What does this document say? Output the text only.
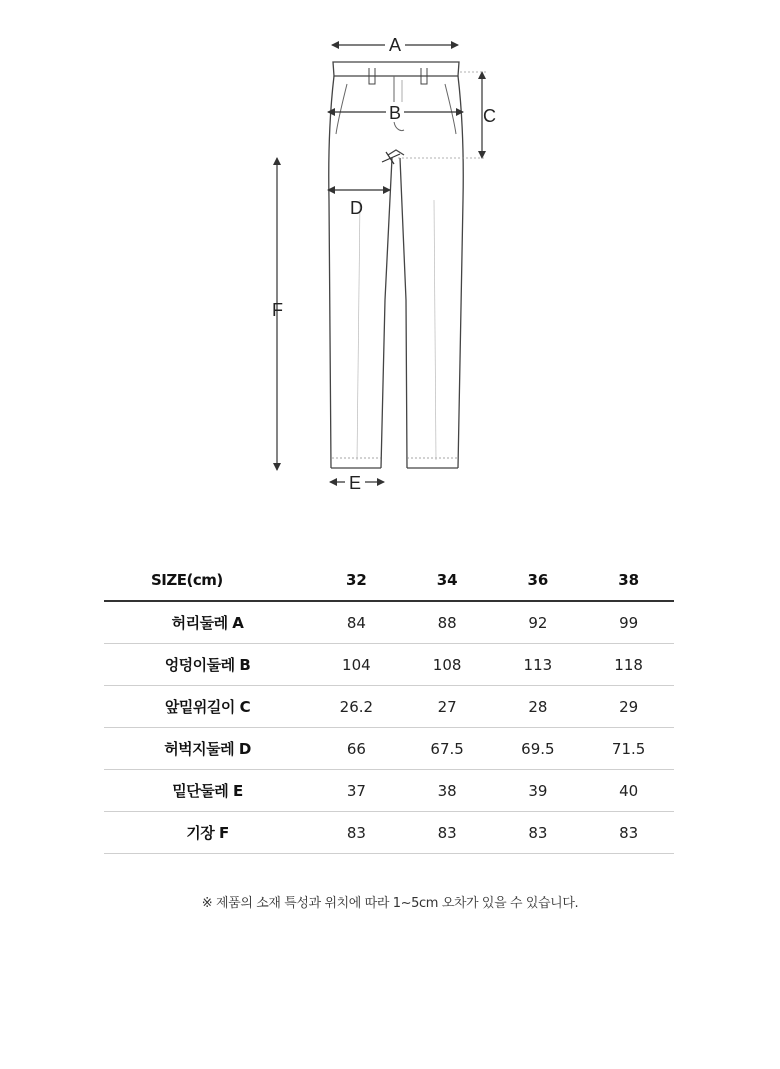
A
B	C
D
E
F
SIZE(cm)	32	34	36	38
허리둘레 A	84	88	92	99
엉덩이둘레 B	104	108	113	118
앞밑위길이 C	26.2	27	28	29
허벅지둘레 D	66	67.5	69.5	71.5
밑단둘레 E	37	38	39	40
기장 F	83	83	83	83
※ 제품의 소재 특성과 위치에 따라 1~5cm 오차가 있을 수 있습니다.
